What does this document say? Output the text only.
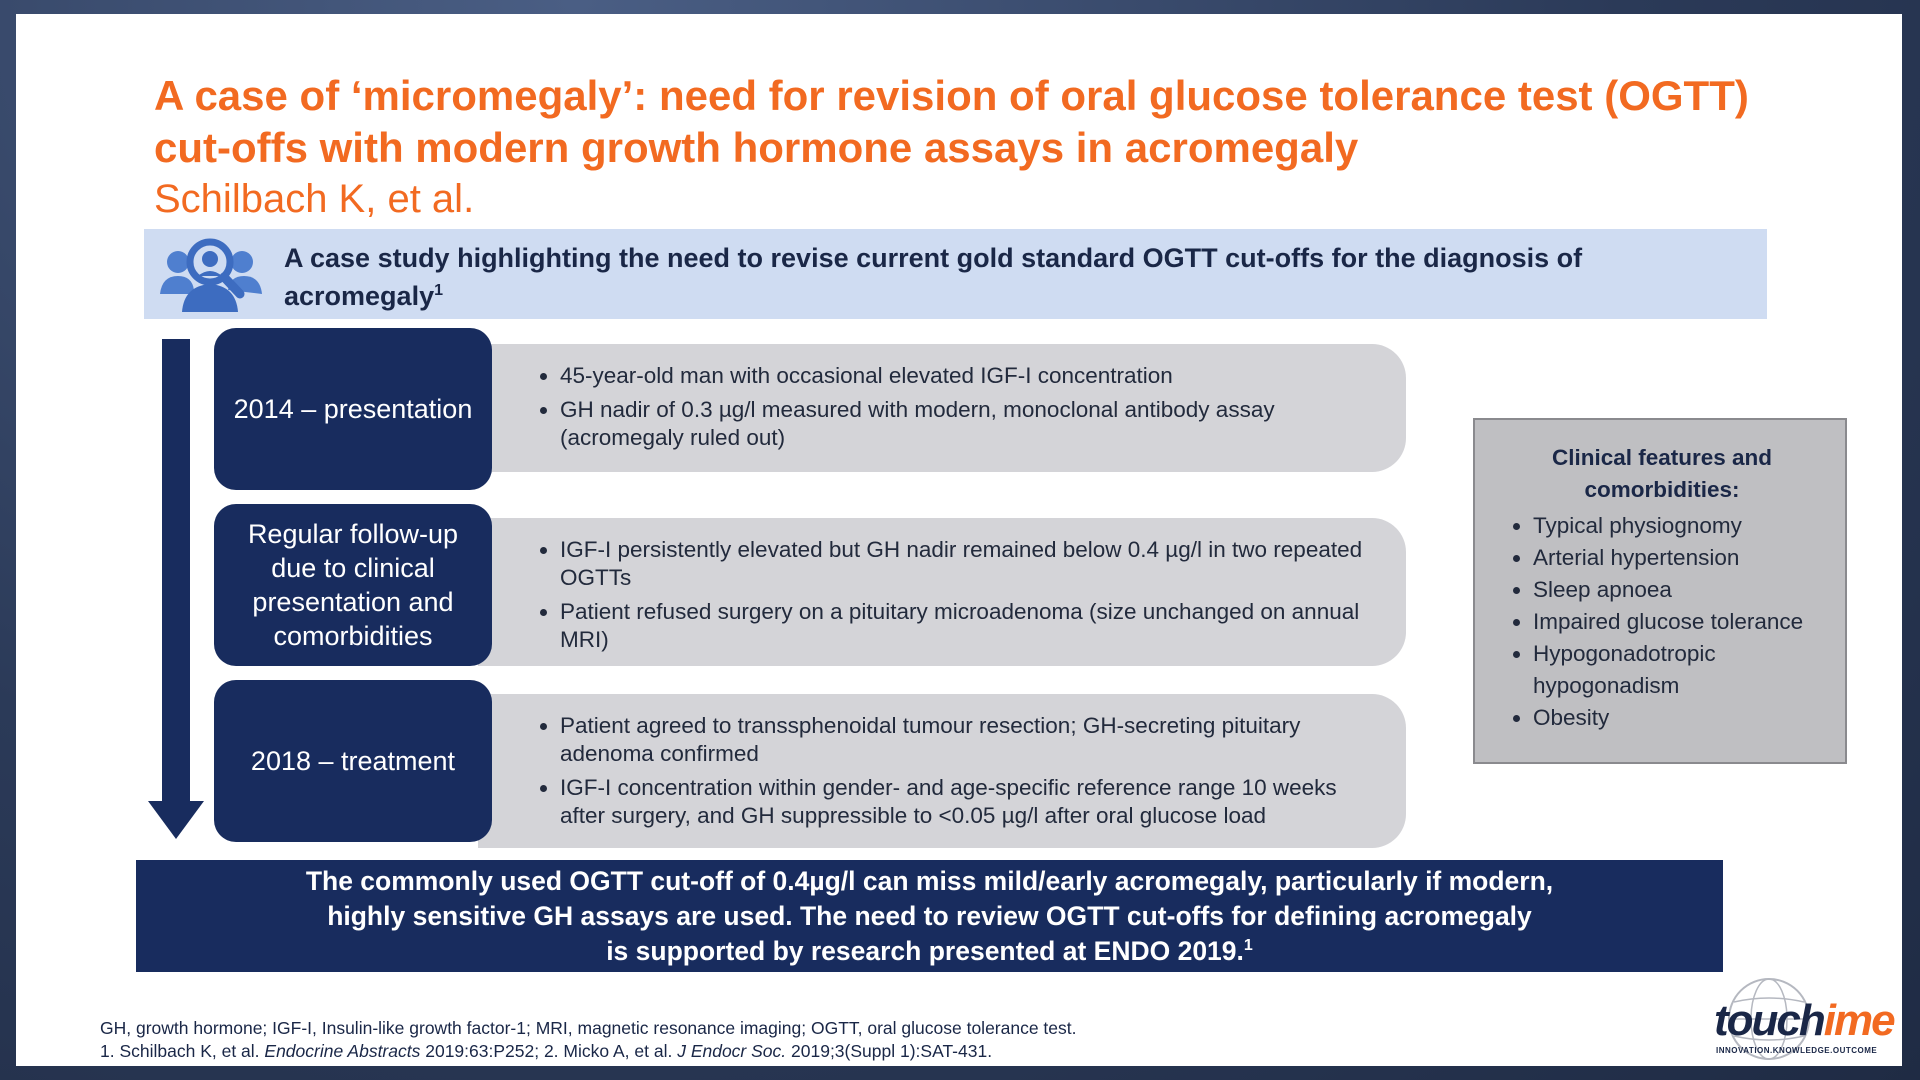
A case of ‘micromegaly’: need for revision of oral glucose tolerance test (OGTT)
cut-offs with modern growth hormone assays in acromegaly
Schilbach K, et al.
A case study highlighting the need to revise current gold standard OGTT cut-offs for the diagnosis of acromegaly$^1$
2014 – presentation
• 45-year-old man with occasional elevated IGF-I concentration
• GH nadir of 0.3 µg/l measured with modern, monoclonal antibody assay (acromegaly ruled out)
Regular follow-up due to clinical presentation and comorbidities
• IGF-I persistently elevated but GH nadir remained below 0.4 µg/l in two repeated OGTTs
• Patient refused surgery on a pituitary microadenoma (size unchanged on annual MRI)
2018 – treatment
• Patient agreed to transsphenoidal tumour resection; GH-secreting pituitary adenoma confirmed
• IGF-I concentration within gender- and age-specific reference range 10 weeks after surgery, and GH suppressible to <0.05 µg/l after oral glucose load
Clinical features and comorbidities:
• Typical physiognomy
• Arterial hypertension
• Sleep apnoea
• Impaired glucose tolerance
• Hypogonadotropic hypogonadism
• Obesity
The commonly used OGTT cut-off of 0.4µg/l can miss mild/early acromegaly, particularly if modern,
highly sensitive GH assays are used. The need to review OGTT cut-offs for defining acromegaly
is supported by research presented at ENDO 2019.$^1$
GH, growth hormone; IGF-I, Insulin-like growth factor-1; MRI, magnetic resonance imaging; OGTT, oral glucose tolerance test.
1. Schilbach K, et al. Endocrine Abstracts 2019:63:P252; 2. Micko A, et al. J Endocr Soc. 2019;3(Suppl 1):SAT-431.
touchime
INNOVATION.KNOWLEDGE.OUTCOME
